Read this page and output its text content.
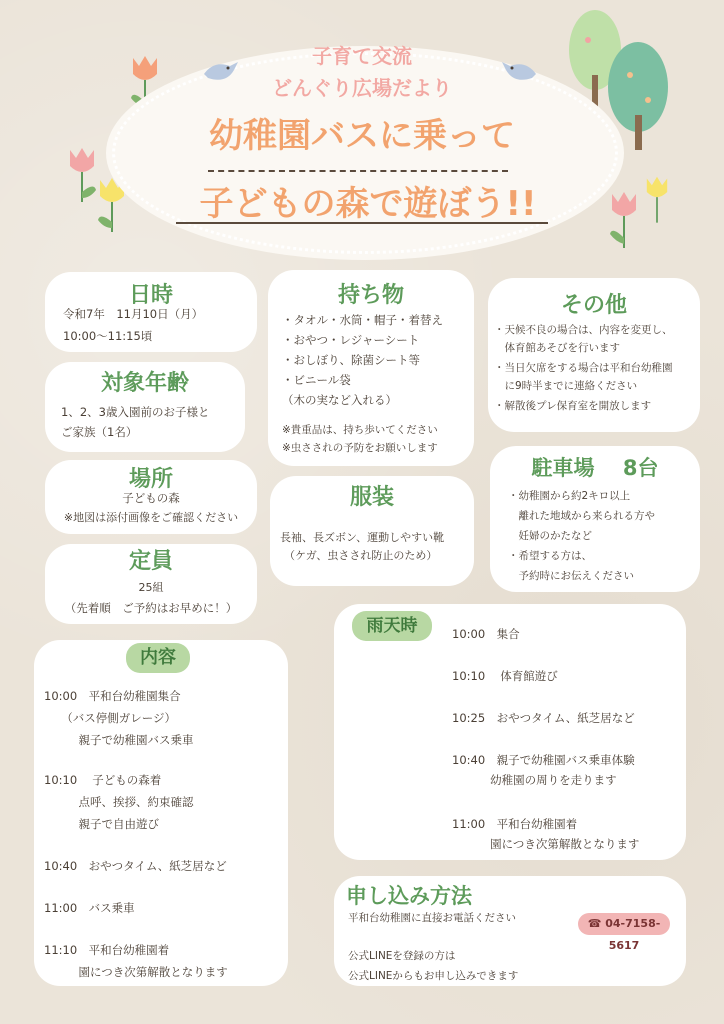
子育て交流
どんぐり広場だより
幼稚園バスに乗って
子どもの森で遊ぼう!!
日時
令和7年　11月10日（月）
10:00～11:15頃
対象年齢
1、2、3歳入園前のお子様と
ご家族（1名）
場所
子どもの森
※地図は添付画像をご確認ください
定員
25組
（先着順　ご予約はお早めに！）
持ち物
・タオル・水筒・帽子・着替え
・おやつ・レジャーシート
・おしぼり、除菌シート等
・ビニール袋
（木の実など入れる）
※貴重品は、持ち歩いてください
※虫さされの予防をお願いします
服装
長袖、長ズボン、運動しやすい靴
（ケガ、虫さされ防止のため）
その他
・天候不良の場合は、内容を変更し、
　体育館あそびを行います
・当日欠席をする場合は平和台幼稚園
　に9時半までに連絡ください
・解散後プレ保育室を開放します
駐車場　 8台
・幼稚園から約2キロ以上
　離れた地域から来られる方や
　妊婦のかたなど
・希望する方は、
　予約時にお伝えください
内容
10:00　平和台幼稚園集合
　　（バス停側ガレージ）
　　　親子で幼稚園バス乗車
10:10　 子どもの森着
　　　点呼、挨拶、約束確認
　　　親子で自由遊び
10:40　おやつタイム、紙芝居など
11:00　バス乗車
11:10　平和台幼稚園着
　　　園につき次第解散となります
雨天時	10:00　集合
10:10　 体育館遊び
10:25　おやつタイム、紙芝居など
10:40　親子で幼稚園バス乗車体験
　　　 幼稚園の周りを走ります
11:00　平和台幼稚園着
　　　 園につき次第解散となります
申し込み方法
平和台幼稚園に直接お電話ください
公式LINEを登録の方は
公式LINEからもお申し込みできます
☎ 04-7158-5617
